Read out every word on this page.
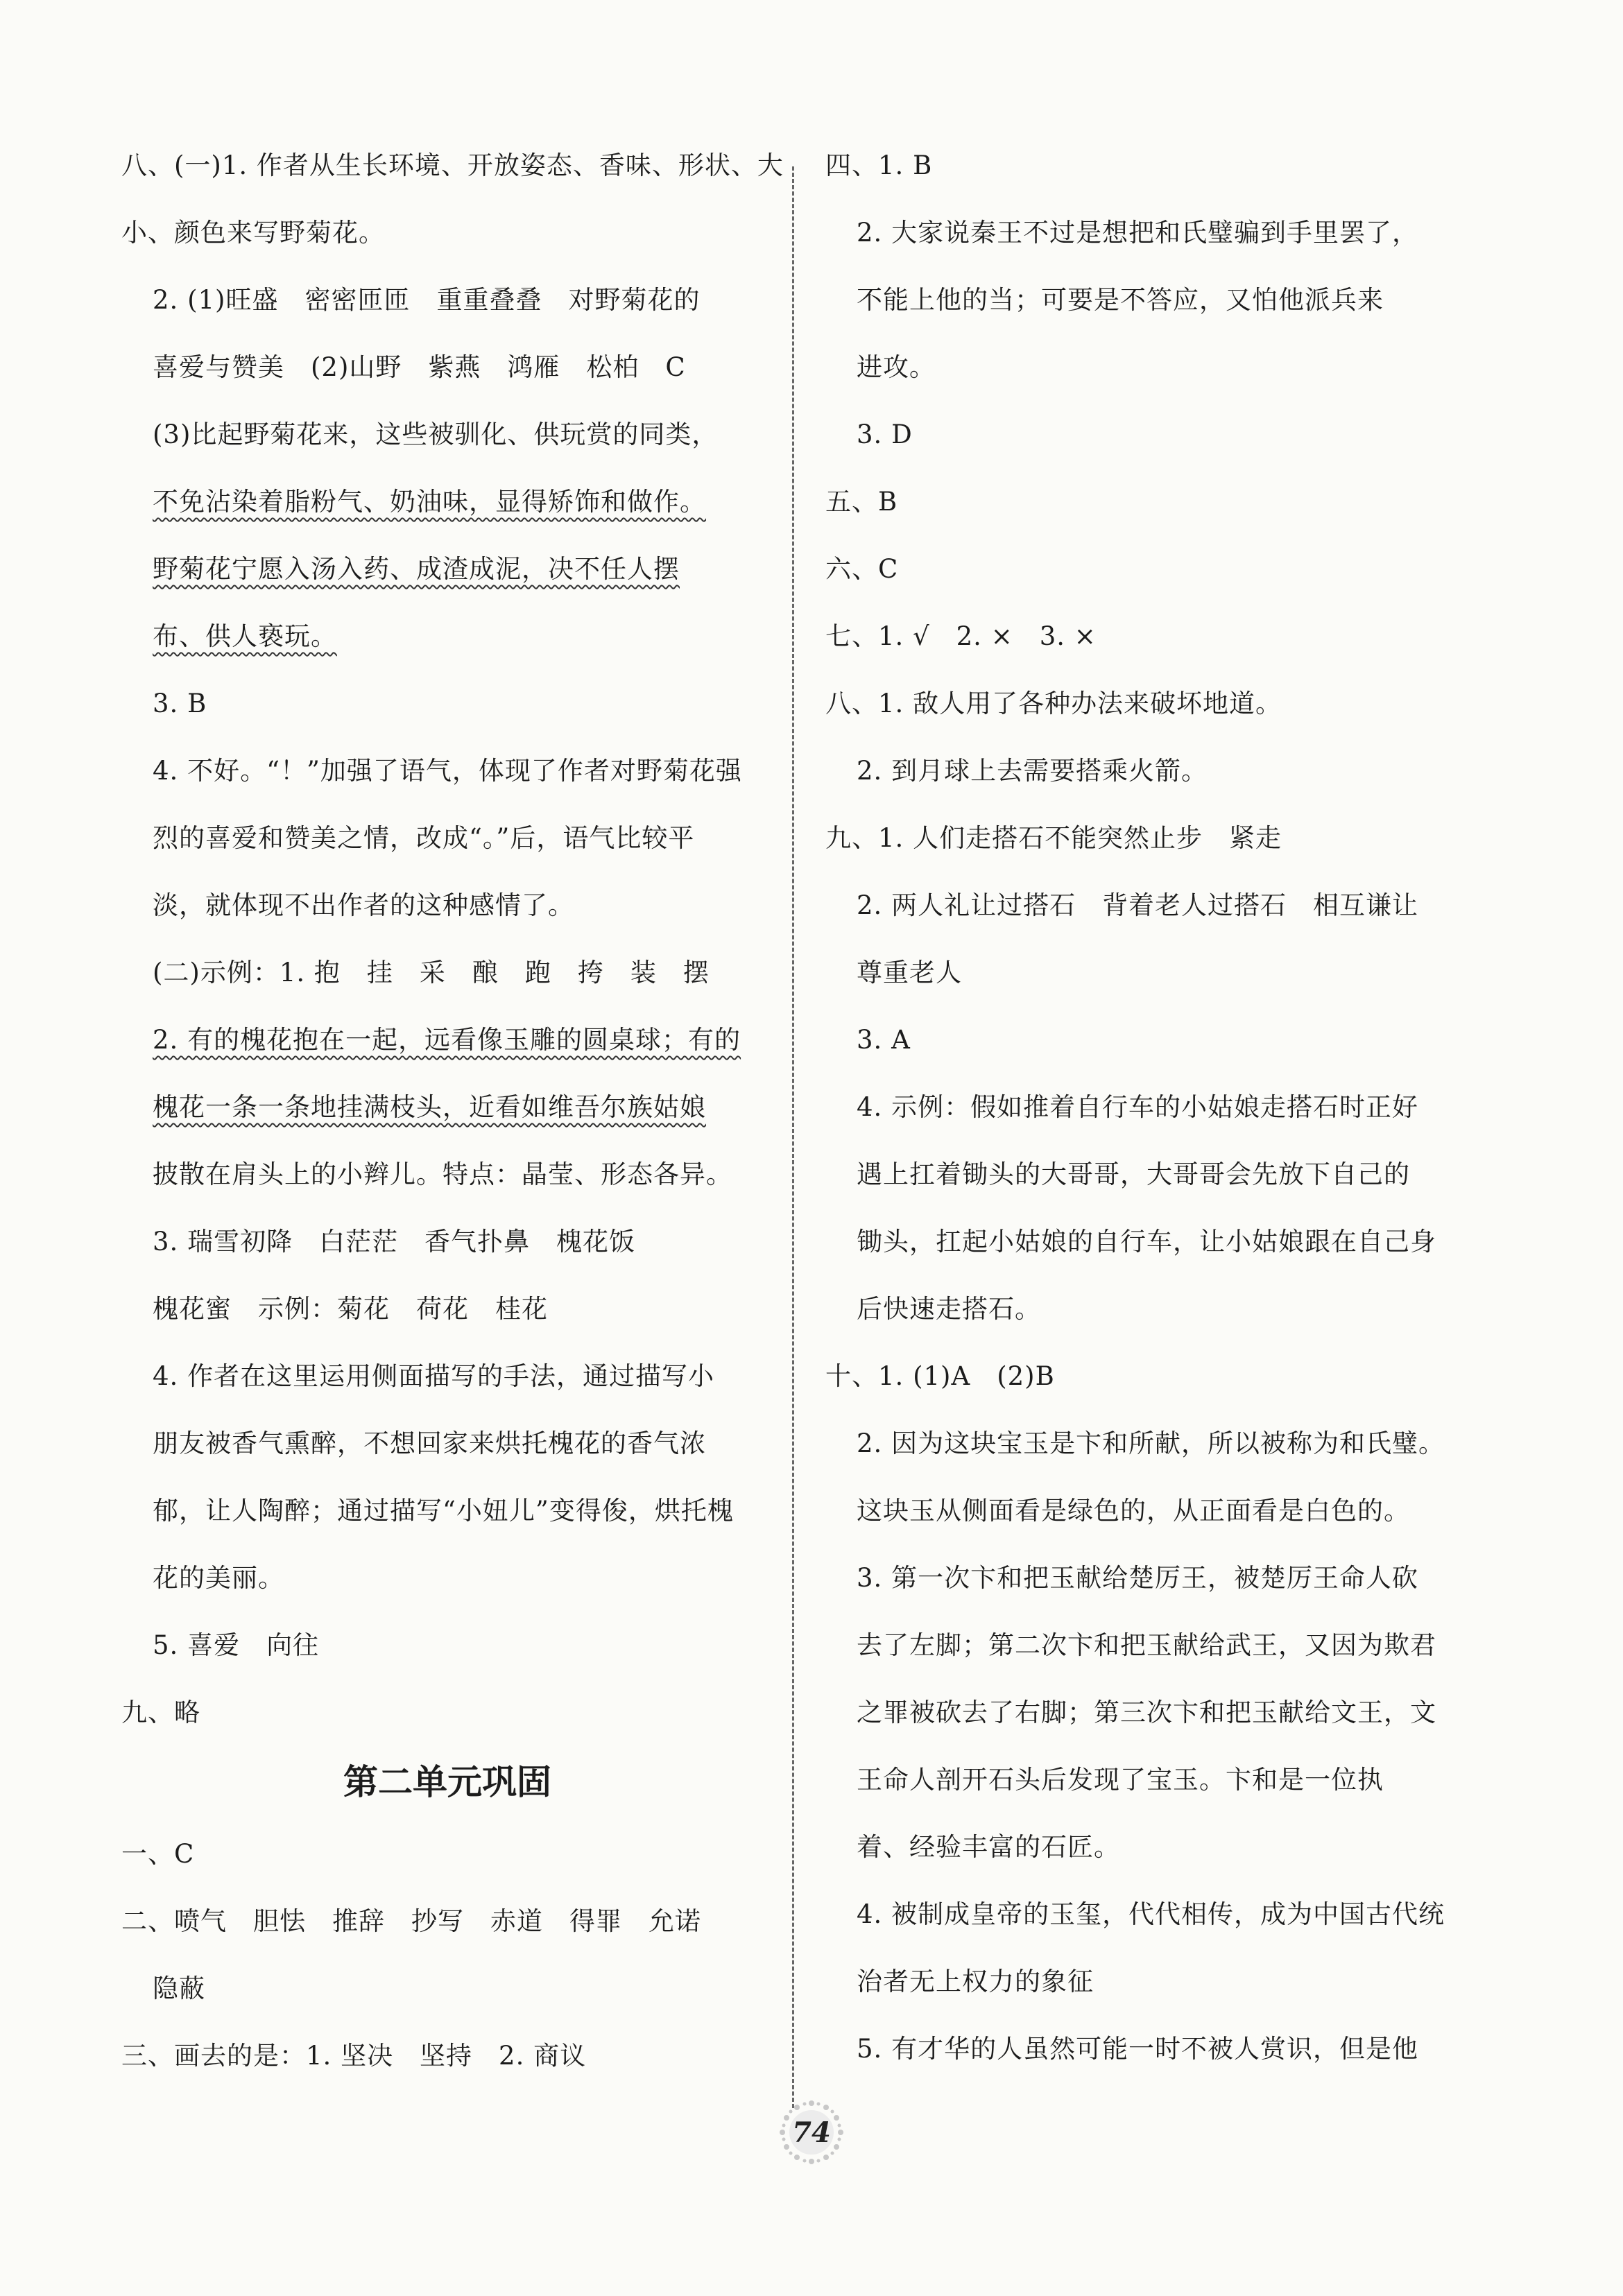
八、(一)1. 作者从生长环境、开放姿态、香味、形状、大
小、颜色来写野菊花。
2. (1)旺盛　密密匝匝　重重叠叠　对野菊花的
喜爱与赞美　(2)山野　紫燕　鸿雁　松柏　C
(3)比起野菊花来，这些被驯化、供玩赏的同类，
不免沾染着脂粉气、奶油味，显得矫饰和做作。
野菊花宁愿入汤入药、成渣成泥，决不任人摆
布、供人亵玩。
3. B
4. 不好。“！”加强了语气，体现了作者对野菊花强
烈的喜爱和赞美之情，改成“。”后，语气比较平
淡，就体现不出作者的这种感情了。
(二)示例：1. 抱　挂　采　酿　跑　挎　装　摆
2. 有的槐花抱在一起，远看像玉雕的圆桌球；有的
槐花一条一条地挂满枝头，近看如维吾尔族姑娘
披散在肩头上的小辫儿。特点：晶莹、形态各异。
3. 瑞雪初降　白茫茫　香气扑鼻　槐花饭
槐花蜜　示例：菊花　荷花　桂花
4. 作者在这里运用侧面描写的手法，通过描写小
朋友被香气熏醉，不想回家来烘托槐花的香气浓
郁，让人陶醉；通过描写“小妞儿”变得俊，烘托槐
花的美丽。
5. 喜爱　向往
九、略
第二单元巩固
一、C
二、喷气　胆怯　推辞　抄写　赤道　得罪　允诺
隐蔽
三、画去的是：1. 坚决　坚持　2. 商议
四、1. B
2. 大家说秦王不过是想把和氏璧骗到手里罢了，
不能上他的当；可要是不答应，又怕他派兵来
进攻。
3. D
五、B
六、C
七、1. √　2. ×　3. ×
八、1. 敌人用了各种办法来破坏地道。
2. 到月球上去需要搭乘火箭。
九、1. 人们走搭石不能突然止步　紧走
2. 两人礼让过搭石　背着老人过搭石　相互谦让
尊重老人
3. A
4. 示例：假如推着自行车的小姑娘走搭石时正好
遇上扛着锄头的大哥哥，大哥哥会先放下自己的
锄头，扛起小姑娘的自行车，让小姑娘跟在自己身
后快速走搭石。
十、1. (1)A　(2)B
2. 因为这块宝玉是卞和所献，所以被称为和氏璧。
这块玉从侧面看是绿色的，从正面看是白色的。
3. 第一次卞和把玉献给楚厉王，被楚厉王命人砍
去了左脚；第二次卞和把玉献给武王，又因为欺君
之罪被砍去了右脚；第三次卞和把玉献给文王，文
王命人剖开石头后发现了宝玉。卞和是一位执
着、经验丰富的石匠。
4. 被制成皇帝的玉玺，代代相传，成为中国古代统
治者无上权力的象征
5. 有才华的人虽然可能一时不被人赏识，但是他
74
